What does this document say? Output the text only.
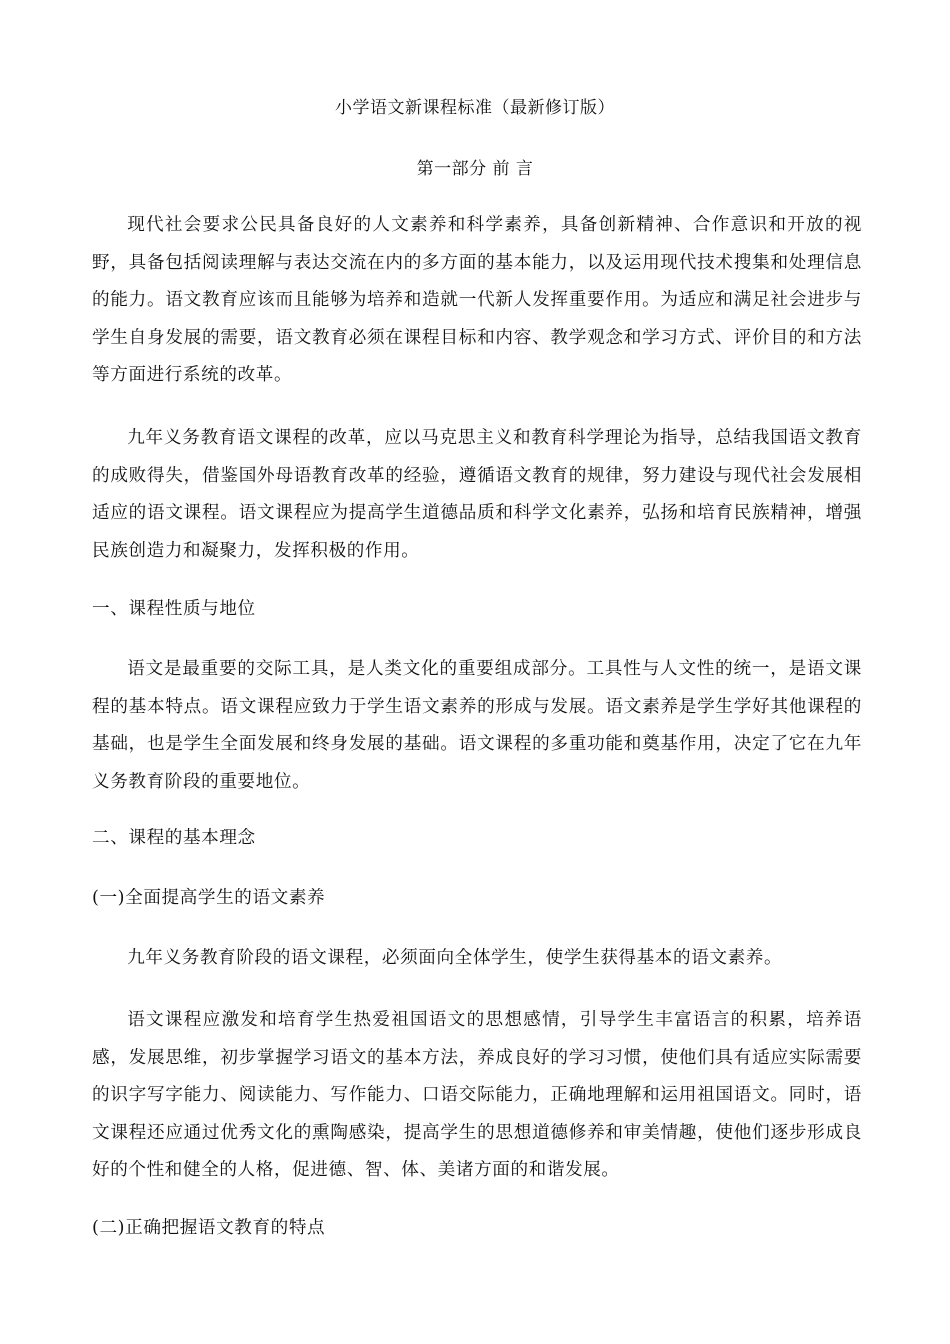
小学语文新课程标准（最新修订版）
第一部分 前 言

现代社会要求公民具备良好的人文素养和科学素养，具备创新精神、合作意识和开放的视野，具备包括阅读理解与表达交流在内的多方面的基本能力，以及运用现代技术搜集和处理信息的能力。语文教育应该而且能够为培养和造就一代新人发挥重要作用。为适应和满足社会进步与学生自身发展的需要，语文教育必须在课程目标和内容、教学观念和学习方式、评价目的和方法等方面进行系统的改革。

九年义务教育语文课程的改革，应以马克思主义和教育科学理论为指导，总结我国语文教育的成败得失，借鉴国外母语教育改革的经验，遵循语文教育的规律，努力建设与现代社会发展相适应的语文课程。语文课程应为提高学生道德品质和科学文化素养，弘扬和培育民族精神，增强民族创造力和凝聚力，发挥积极的作用。

一、课程性质与地位

语文是最重要的交际工具，是人类文化的重要组成部分。工具性与人文性的统一，是语文课程的基本特点。语文课程应致力于学生语文素养的形成与发展。语文素养是学生学好其他课程的基础，也是学生全面发展和终身发展的基础。语文课程的多重功能和奠基作用，决定了它在九年义务教育阶段的重要地位。

二、课程的基本理念

(一)全面提高学生的语文素养

九年义务教育阶段的语文课程，必须面向全体学生，使学生获得基本的语文素养。

语文课程应激发和培育学生热爱祖国语文的思想感情，引导学生丰富语言的积累，培养语感，发展思维，初步掌握学习语文的基本方法，养成良好的学习习惯，使他们具有适应实际需要的识字写字能力、阅读能力、写作能力、口语交际能力，正确地理解和运用祖国语文。同时，语文课程还应通过优秀文化的熏陶感染，提高学生的思想道德修养和审美情趣，使他们逐步形成良好的个性和健全的人格，促进德、智、体、美诸方面的和谐发展。

(二)正确把握语文教育的特点
